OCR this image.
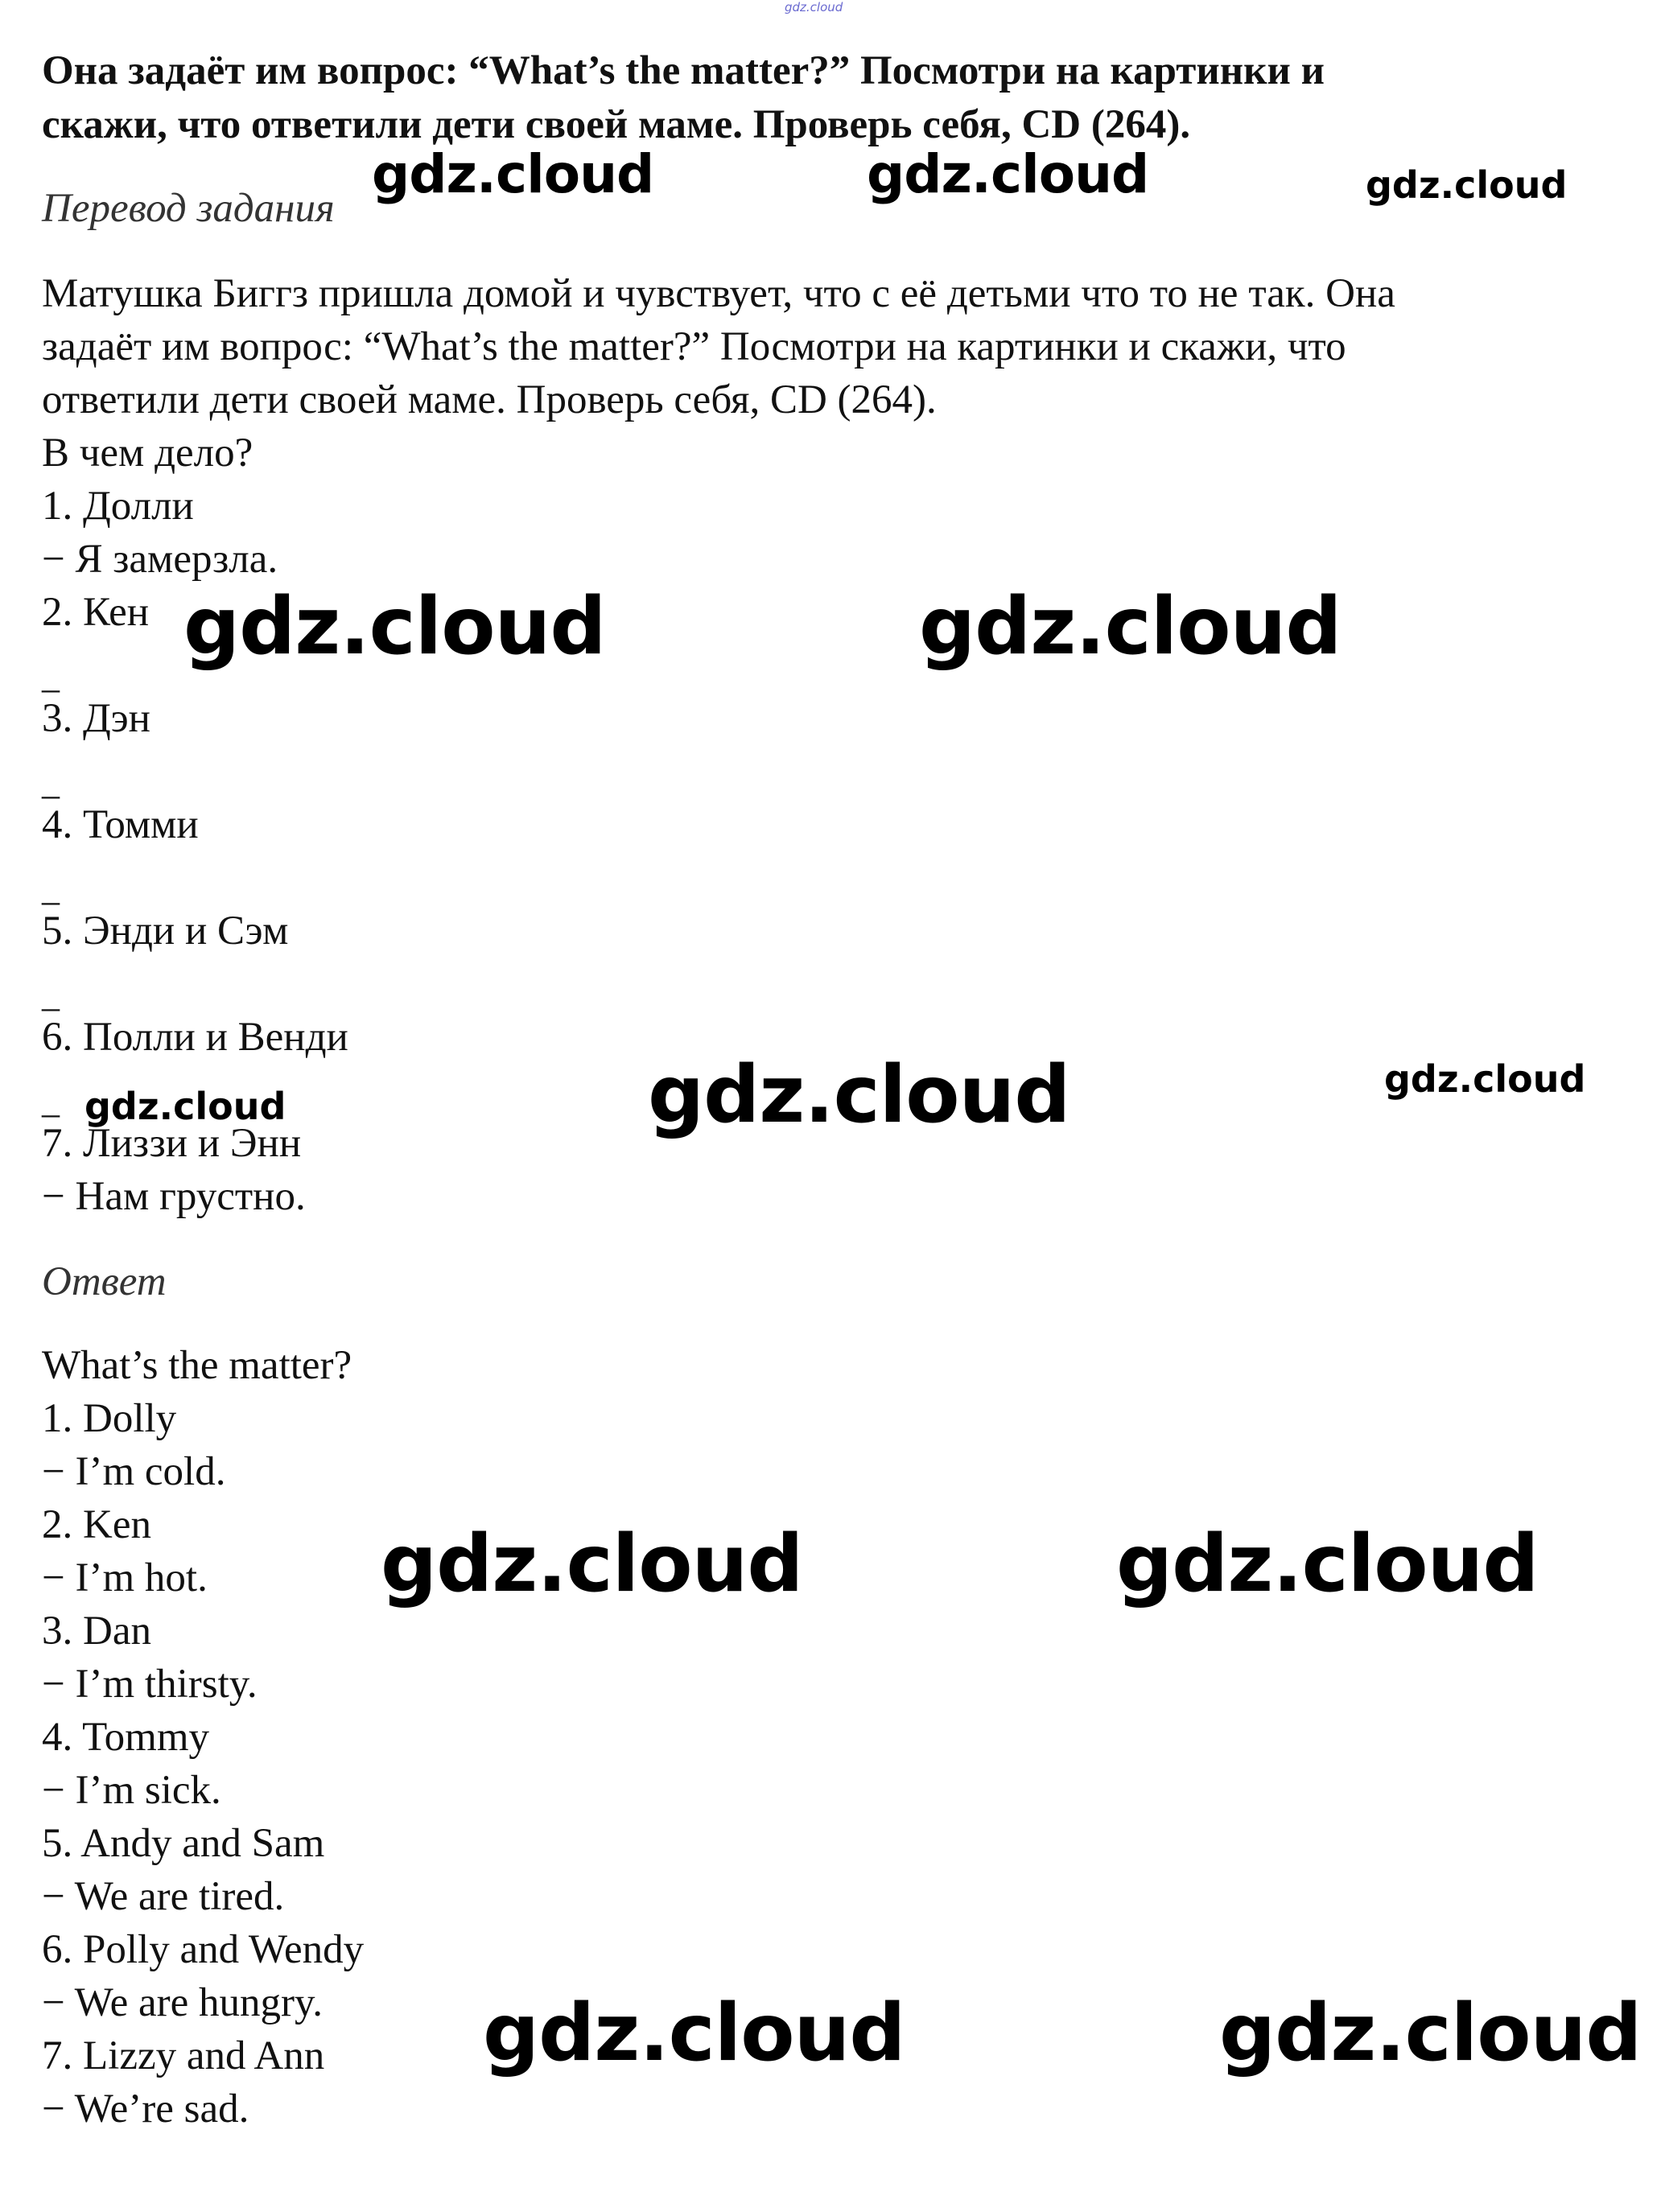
gdz.cloud
Она задаёт им вопрос: “What’s the matter?” Посмотри на картинки и
скажи, что ответили дети своей маме. Проверь себя, CD (264).
Перевод задания
Матушка Биггз пришла домой и чувствует, что с её детьми что то не так. Она
задаёт им вопрос: “What’s the matter?” Посмотри на картинки и скажи, что
ответили дети своей маме. Проверь себя, CD (264).
В чем дело?
1. Долли
− Я замерзла.
2. Кен
_
3. Дэн
_
4. Томми
_
5. Энди и Сэм
_
6. Полли и Венди
_
7. Лиззи и Энн
− Нам грустно.
Ответ
What’s the matter?
1. Dolly
− I’m cold.
2. Ken
− I’m hot.
3. Dan
− I’m thirsty.
4. Tommy
− I’m sick.
5. Andy and Sam
− We are tired.
6. Polly and Wendy
− We are hungry.
7. Lizzy and Ann
− We’re sad.
gdz.cloud	gdz.cloud	gdz.cloud
gdz.cloud	gdz.cloud
gdz.cloud	gdz.cloud	gdz.cloud
gdz.cloud	gdz.cloud
gdz.cloud	gdz.cloud
